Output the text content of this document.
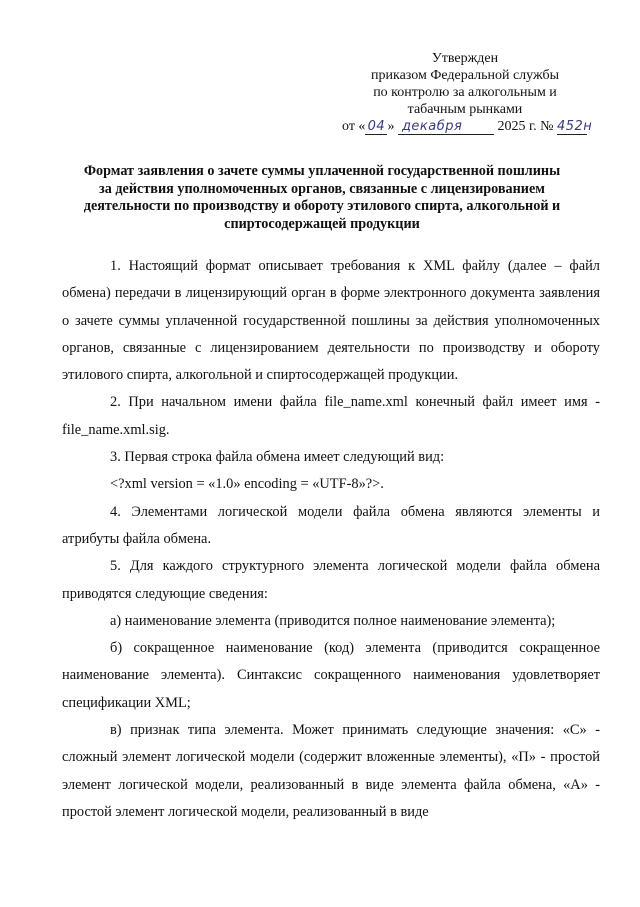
Утвержден
приказом Федеральной службы
по контролю за алкогольным и
табачным рынками
от « 04 » декабря	2025 г. № 452н
Формат заявления о зачете суммы уплаченной государственной пошлины
за действия уполномоченных органов, связанные с лицензированием
деятельности по производству и обороту этилового спирта, алкогольной и
спиртосодержащей продукции

1. Настоящий формат описывает требования к XML файлу (далее – файл обмена) передачи в лицензирующий орган в форме электронного документа заявления о зачете суммы уплаченной государственной пошлины за действия уполномоченных органов, связанные с лицензированием деятельности по производству и обороту этилового спирта, алкогольной и спиртосодержащей продукции.

2. При начальном имени файла file_name.xml конечный файл имеет имя - file_name.xml.sig.

3. Первая строка файла обмена имеет следующий вид:

<?xml version = «1.0» encoding = «UTF-8»?>.

4. Элементами логической модели файла обмена являются элементы и атрибуты файла обмена.

5. Для каждого структурного элемента логической модели файла обмена приводятся следующие сведения:

а) наименование элемента (приводится полное наименование элемента);

б) сокращенное наименование (код) элемента (приводится сокращенное наименование элемента). Синтаксис сокращенного наименования удовлетворяет спецификации XML;

в) признак типа элемента. Может принимать следующие значения: «С» - сложный элемент логической модели (содержит вложенные элементы), «П» - простой элемент логической модели, реализованный в виде элемента файла обмена, «А» - простой элемент логической модели, реализованный в виде
